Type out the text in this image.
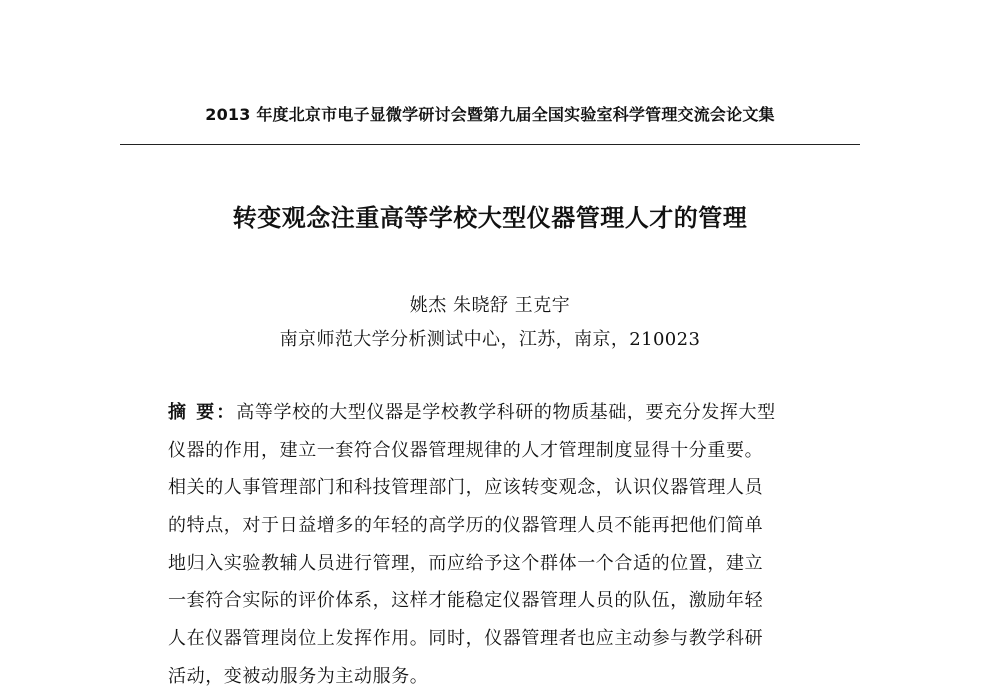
2013 年度北京市电子显微学研讨会暨第九届全国实验室科学管理交流会论文集
转变观念注重高等学校大型仪器管理人才的管理
姚杰 朱晓舒 王克宇
南京师范大学分析测试中心，江苏，南京，210023
摘 要：高等学校的大型仪器是学校教学科研的物质基础，要充分发挥大型
仪器的作用，建立一套符合仪器管理规律的人才管理制度显得十分重要。
相关的人事管理部门和科技管理部门，应该转变观念，认识仪器管理人员
的特点，对于日益增多的年轻的高学历的仪器管理人员不能再把他们简单
地归入实验教辅人员进行管理，而应给予这个群体一个合适的位置，建立
一套符合实际的评价体系，这样才能稳定仪器管理人员的队伍，激励年轻
人在仪器管理岗位上发挥作用。同时，仪器管理者也应主动参与教学科研
活动，变被动服务为主动服务。
